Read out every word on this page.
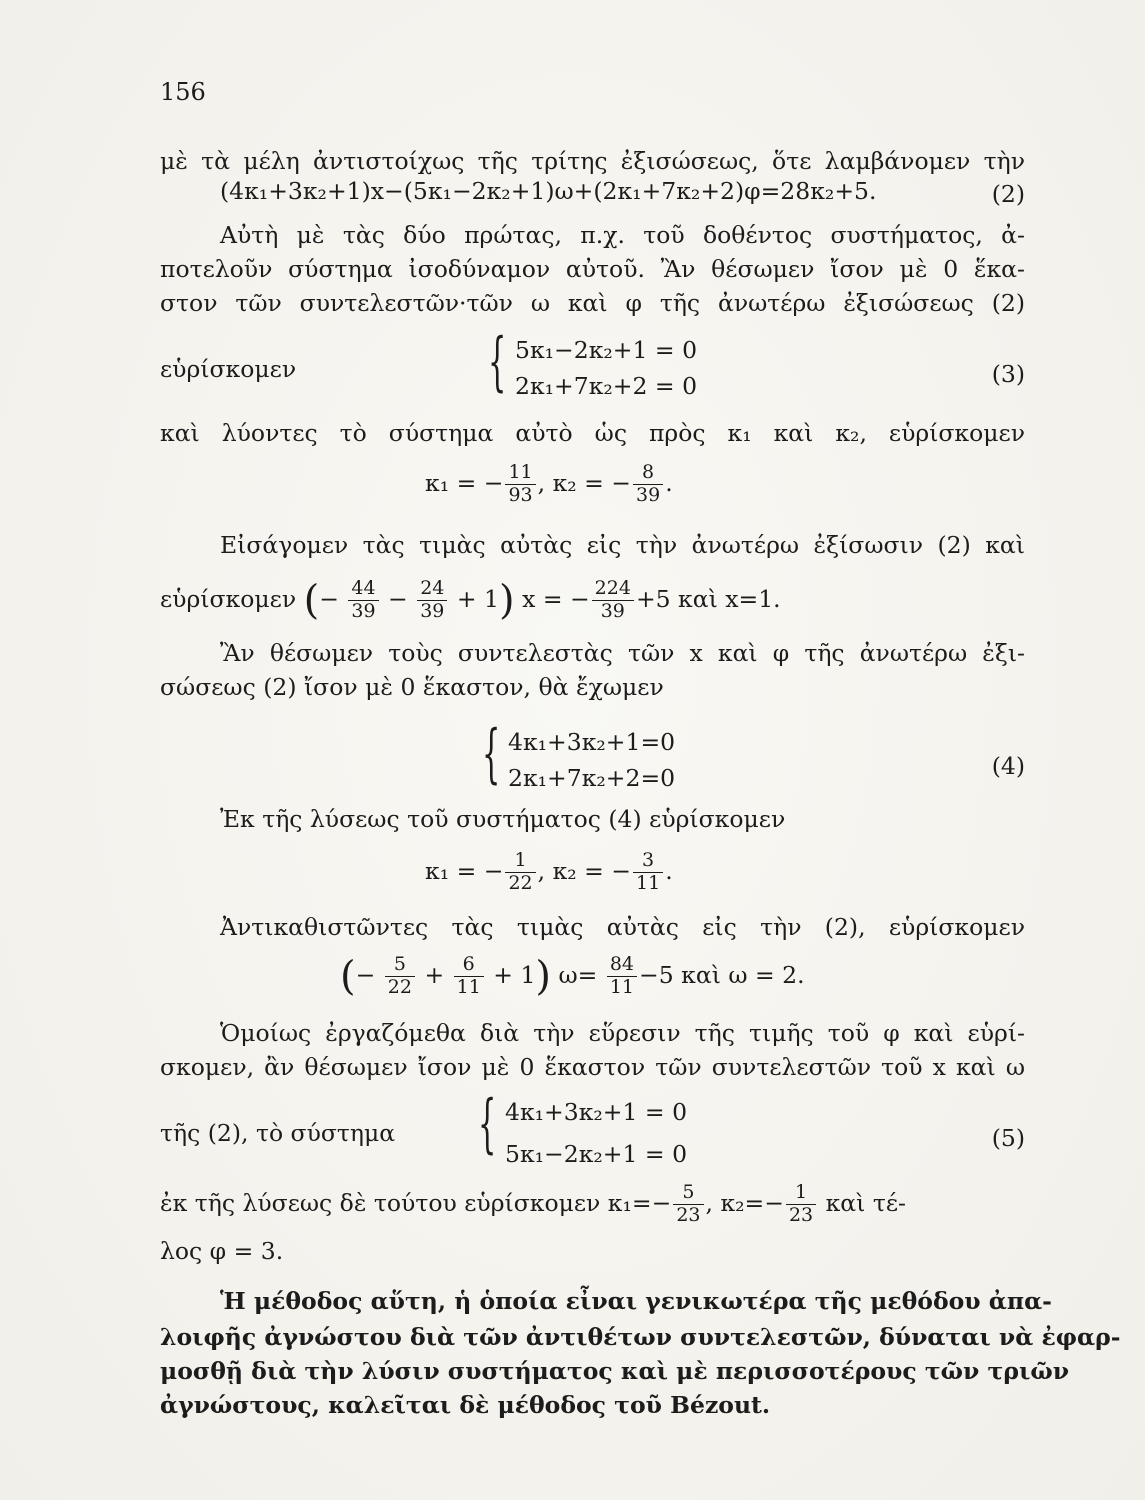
156
μὲ τὰ μέλη ἀντιστοίχως τῆς τρίτης ἐξισώσεως, ὅτε λαμβάνομεν τὴν
(4κ₁+3κ₂+1)x−(5κ₁−2κ₂+1)ω+(2κ₁+7κ₂+2)φ=28κ₂+5.	(2)
Αὐτὴ μὲ τὰς δύο πρώτας, π.χ. τοῦ δοθέντος συστήματος, ἀ-
ποτελοῦν σύστημα ἰσοδύναμον αὐτοῦ. Ἂν θέσωμεν ἴσον μὲ 0 ἕκα-
στον τῶν συντελεστῶν·τῶν ω καὶ φ τῆς ἀνωτέρω ἐξισώσεως (2)
εὑρίσκομεν	{ 5κ₁−2κ₂+1 = 0
2κ₁+7κ₂+2 = 0	(3)
καὶ λύοντες τὸ σύστημα αὐτὸ ὡς πρὸς κ₁ καὶ κ₂, εὑρίσκομεν
κ₁ = − $\frac{11}{93}$ , κ₂ = − $\frac{8}{39}$ .
Εἰσάγομεν τὰς τιμὰς αὐτὰς εἰς τὴν ἀνωτέρω ἐξίσωσιν (2) καὶ
εὑρίσκομεν (− $\frac{44}{39} - \frac{24}{39} + 1$) x = − $\frac{224}{39} +5$ καὶ x=1.
Ἂν θέσωμεν τοὺς συντελεστὰς τῶν x καὶ φ τῆς ἀνωτέρω ἐξι-
σώσεως (2) ἴσον μὲ 0 ἕκαστον, θὰ ἔχωμεν
{ 4κ₁+3κ₂+1=0
2κ₁+7κ₂+2=0	(4)
Ἐκ τῆς λύσεως τοῦ συστήματος (4) εὑρίσκομεν
κ₁ = − $\frac{1}{22}$ , κ₂ = − $\frac{3}{11}$ .
Ἀντικαθιστῶντες τὰς τιμὰς αὐτὰς εἰς τὴν (2), εὑρίσκομεν
(− $\frac{5}{22} + \frac{6}{11} + 1$) $\omega= \frac{84}{11} -5$ καὶ ω = 2.
Ὁμοίως ἐργαζόμεθα διὰ τὴν εὕρεσιν τῆς τιμῆς τοῦ φ καὶ εὑρί-
σκομεν, ἂν θέσωμεν ἴσον μὲ 0 ἕκαστον τῶν συντελεστῶν τοῦ x καὶ ω
τῆς (2), τὸ σύστημα { 4κ₁+3κ₂+1 = 0
5κ₁−2κ₂+1 = 0
(5)
ἐκ τῆς λύσεως δὲ τούτου εὑρίσκομεν $\kappa_1=- \frac{5}{23}$ , $\kappa_2=- \frac{1}{23}$ καὶ τέ-
λος φ = 3.
Ἡ μέθοδος αὕτη, ἡ ὁποία εἶναι γενικωτέρα τῆς μεθόδου ἀπα-
λοιφῆς ἀγνώστου διὰ τῶν ἀντιθέτων συντελεστῶν, δύναται νὰ ἐφαρ-
μοσθῇ διὰ τὴν λύσιν συστήματος καὶ μὲ περισσοτέρους τῶν τριῶν
ἀγνώστους, καλεῖται δὲ μέθοδος τοῦ Bézout.
